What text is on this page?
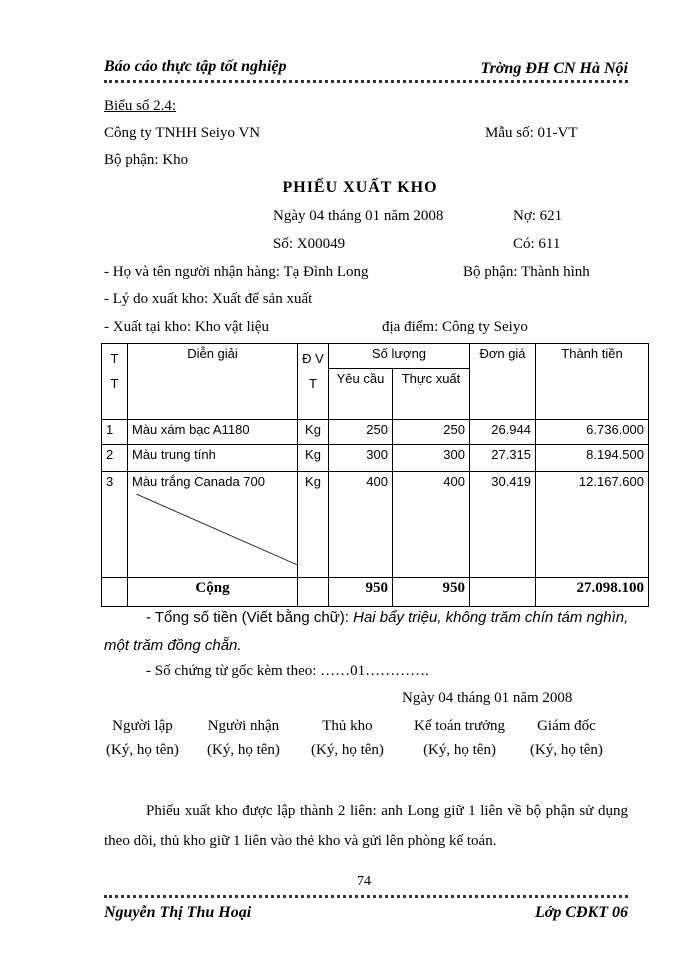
Báo cáo thực tập tốt nghiệp	Trờng ĐH CN Hà Nội
Biểu số 2.4:
Công ty TNHH Seiyo VN	Mẫu số: 01-VT
Bộ phận: Kho
PHIẾU XUẤT KHO
Ngày 04 tháng 01 năm 2008	Nợ: 621
Số: X00049	Có: 611
- Họ và tên người nhận hàng: Tạ Đình Long	Bộ phận: Thành hình
- Lý do xuất kho: Xuất để sản xuất
- Xuất tại kho: Kho vật liệu	địa điểm: Công ty Seiyo
T T	Diễn giải	Đ V T	Số lượng		Đơn giá	Thành tiền
			Yêu cầu	Thực xuất		
1	Màu xám bạc A1180	Kg	250	250	26.944	6.736.000
2	Màu trung tính	Kg	300	300	27.315	8.194.500
3	Màu trắng Canada 700	Kg	400	400	30.419	12.167.600
	Cộng		950	950		27.098.100
- Tổng số tiền (Viết bằng chữ): Hai bẩy triệu, không trăm chín tám nghìn, một trăm đồng chẵn.
- Số chứng từ gốc kèm theo: ……01………….
Ngày 04 tháng 01 năm 2008
Người lập
(Ký, họ tên)
Người nhận
(Ký, họ tên)
Thủ kho
(Ký, họ tên)
Kế toán trưởng
(Ký, họ tên)
Giám đốc
(Ký, họ tên)
Phiếu xuất kho được lập thành 2 liên: anh Long giữ 1 liên về bộ phận sử dụng theo dõi, thủ kho giữ 1 liên vào thẻ kho và gửi lên phòng kế toán.
74
Nguyễn Thị Thu Hoại	Lớp CĐKT 06
